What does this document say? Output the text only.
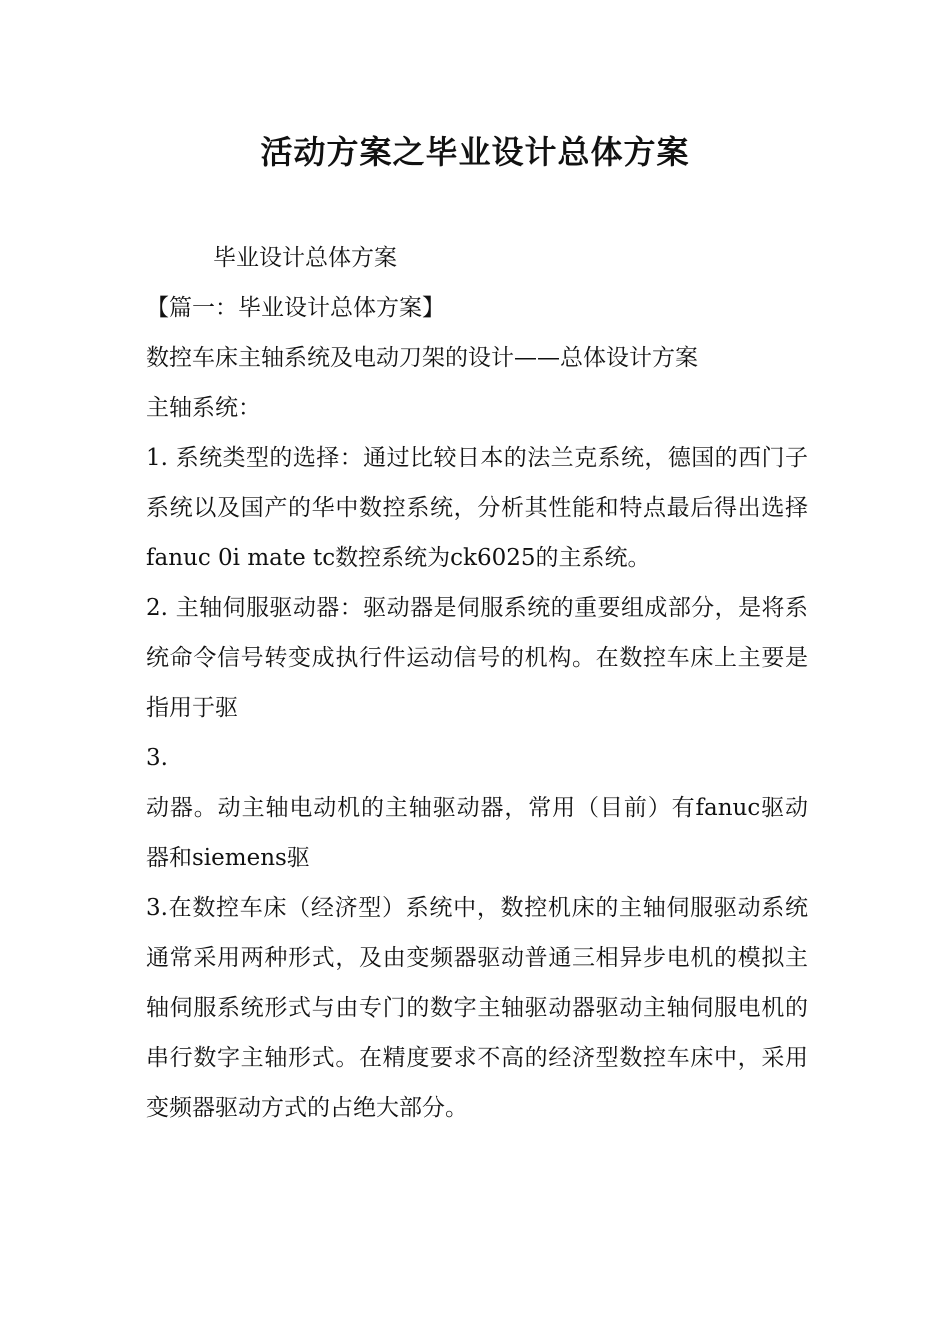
活动方案之毕业设计总体方案

毕业设计总体方案

【篇一：毕业设计总体方案】

数控车床主轴系统及电动刀架的设计——总体设计方案

主轴系统：

1. 系统类型的选择：通过比较日本的法兰克系统，德国的西门子系统以及国产的华中数控系统，分析其性能和特点最后得出选择fanuc 0i mate tc数控系统为ck6025的主系统。

2. 主轴伺服驱动器：驱动器是伺服系统的重要组成部分，是将系统命令信号转变成执行件运动信号的机构。在数控车床上主要是指用于驱

3.

动器。动主轴电动机的主轴驱动器，常用（目前）有fanuc驱动器和siemens驱

3.在数控车床（经济型）系统中，数控机床的主轴伺服驱动系统通常采用两种形式，及由变频器驱动普通三相异步电机的模拟主轴伺服系统形式与由专门的数字主轴驱动器驱动主轴伺服电机的串行数字主轴形式。在精度要求不高的经济型数控车床中，采用变频器驱动方式的占绝大部分。
